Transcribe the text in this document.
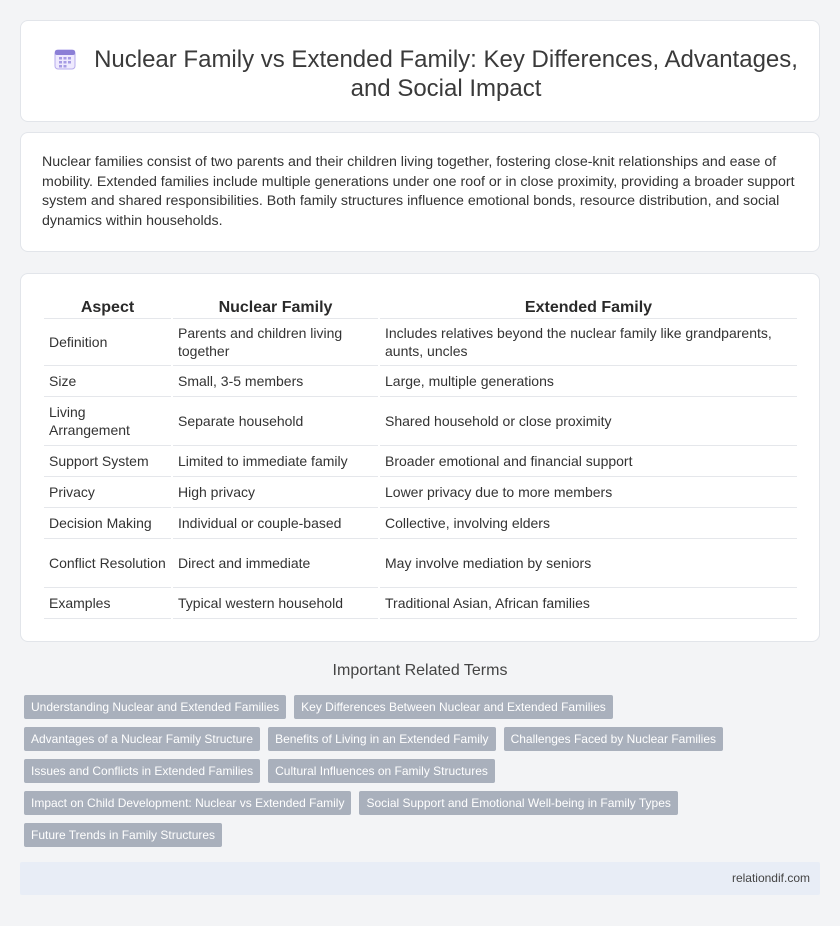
Nuclear Family vs Extended Family: Key Differences, Advantages, and Social Impact

Nuclear families consist of two parents and their children living together, fostering close-knit relationships and ease of mobility. Extended families include multiple generations under one roof or in close proximity, providing a broader support system and shared responsibilities. Both family structures influence emotional bonds, resource distribution, and social dynamics within households.

Aspect	Nuclear Family	Extended Family
Definition	Parents and children living together	Includes relatives beyond the nuclear family like grandparents, aunts, uncles
Size	Small, 3-5 members	Large, multiple generations
Living Arrangement	Separate household	Shared household or close proximity
Support System	Limited to immediate family	Broader emotional and financial support
Privacy	High privacy	Lower privacy due to more members
Decision Making	Individual or couple-based	Collective, involving elders
Conflict Resolution	Direct and immediate	May involve mediation by seniors
Examples	Typical western household	Traditional Asian, African families
Important Related Terms
Understanding Nuclear and Extended Families	Key Differences Between Nuclear and Extended Families
Advantages of a Nuclear Family Structure	Benefits of Living in an Extended Family	Challenges Faced by Nuclear Families
Issues and Conflicts in Extended Families	Cultural Influences on Family Structures
Impact on Child Development: Nuclear vs Extended Family	Social Support and Emotional Well-being in Family Types
Future Trends in Family Structures
relationdif.com
